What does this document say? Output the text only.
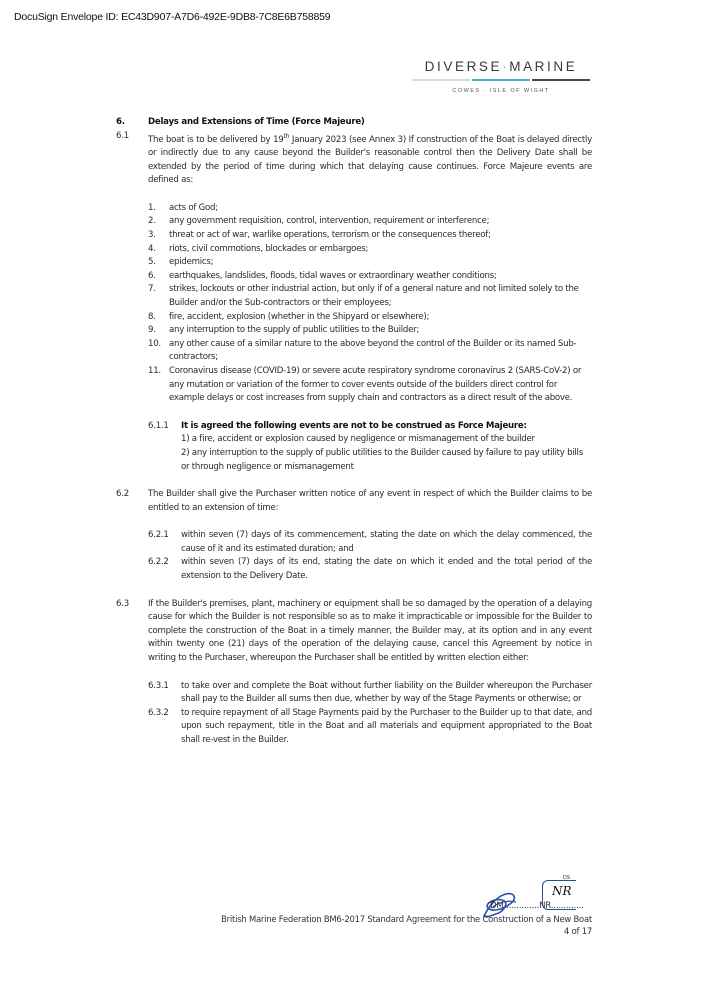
DocuSign Envelope ID: EC43D907-A7D6-492E-9DB8-7C8E6B758859
DIVERSE·MARINE
COWES · ISLE OF WIGHT
6.	Delays and Extensions of Time (Force Majeure)
6.1	The boat is to be delivered by 19th January 2023 (see Annex 3) If construction of the Boat is delayed directly or indirectly due to any cause beyond the Builder's reasonable control then the Delivery Date shall be extended by the period of time during which that delaying cause continues. Force Majeure events are defined as:
1.	acts of God;
2.	any government requisition, control, intervention, requirement or interference;
3.	threat or act of war, warlike operations, terrorism or the consequences thereof;
4.	riots, civil commotions, blockades or embargoes;
5.	epidemics;
6.	earthquakes, landslides, floods, tidal waves or extraordinary weather conditions;
7.	strikes, lockouts or other industrial action, but only if of a general nature and not limited solely to the Builder and/or the Sub-contractors or their employees;
8.	fire, accident, explosion (whether in the Shipyard or elsewhere);
9.	any interruption to the supply of public utilities to the Builder;
10. any other cause of a similar nature to the above beyond the control of the Builder or its named Sub-contractors;
11. Coronavirus disease (COVID-19) or severe acute respiratory syndrome coronavirus 2 (SARS-CoV-2) or any mutation or variation of the former to cover events outside of the builders direct control for example delays or cost increases from supply chain and contractors as a direct result of the above.
6.1.1	It is agreed the following events are not to be construed as Force Majeure:
1) a fire, accident or explosion caused by negligence or mismanagement of the builder
2) any interruption to the supply of public utilities to the Builder caused by failure to pay utility bills or through negligence or mismanagement
6.2	The Builder shall give the Purchaser written notice of any event in respect of which the Builder claims to be entitled to an extension of time:
6.2.1	within seven (7) days of its commencement, stating the date on which the delay commenced, the cause of it and its estimated duration; and
6.2.2	within seven (7) days of its end, stating the date on which it ended and the total period of the extension to the Delivery Date.
6.3	If the Builder's premises, plant, machinery or equipment shall be so damaged by the operation of a delaying cause for which the Builder is not responsible so as to make it impracticable or impossible for the Builder to complete the construction of the Boat in a timely manner, the Builder may, at its option and in any event within twenty one (21) days of the operation of the delaying cause, cancel this Agreement by notice in writing to the Purchaser, whereupon the Purchaser shall be entitled by written election either:
6.3.1	to take over and complete the Boat without further liability on the Builder whereupon the Purchaser shall pay to the Builder all sums then due, whether by way of the Stage Payments or otherwise; or
6.3.2	to require repayment of all Stage Payments paid by the Purchaser to the Builder up to that date, and upon such repayment, title in the Boat and all materials and equipment appropriated to the Boat shall re-vest in the Builder.
DS
NR
DM..............NR.............
British Marine Federation BM6-2017 Standard Agreement for the Construction of a New Boat
4 of 17
